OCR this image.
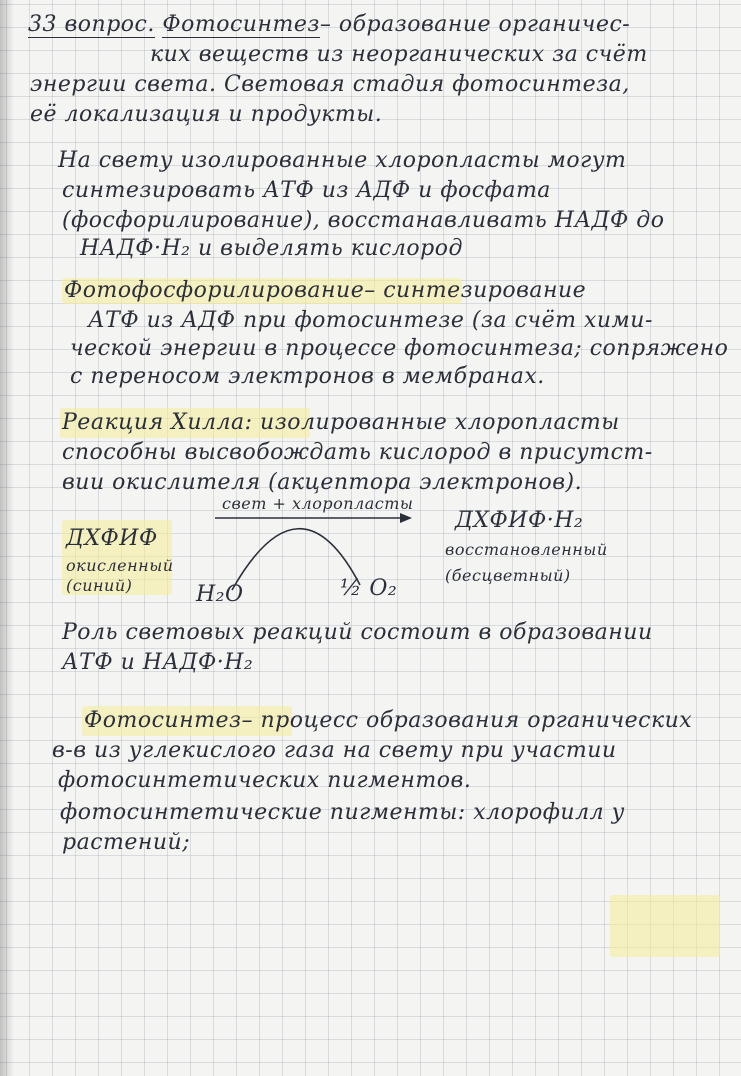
33 вопрос. Фотосинтез– образование органичес-
ких веществ из неорганических за счёт
энергии света. Световая стадия фотосинтеза,
её локализация и продукты.
На свету изолированные хлоропласты могут
синтезировать АТФ из АДФ и фосфата
(фосфорилирование), восстанавливать НАДФ до
НАДФ·Н₂ и выделять кислород
Фотофосфорилирование– синтезирование
АТФ из АДФ при фотосинтезе (за счёт хими-
ческой энергии в процессе фотосинтеза; сопряжено
с переносом электронов в мембранах.
Реакция Хилла: изолированные хлоропласты
способны высвобождать кислород в присутст-
вии окислителя (акцептора электронов).
свет + хлоропласты
ДХФИФ
окисленный
(синий)	H₂O
ДХФИФ·H₂
восстановленный
(бесцветный)
½ O₂
Роль световых реакций состоит в образовании
АТФ и НАДФ·H₂
Фотосинтез– процесс образования органических
в-в из углекислого газа на свету при участии
фотосинтетических пигментов.
фотосинтетические пигменты: хлорофилл у
растений;
